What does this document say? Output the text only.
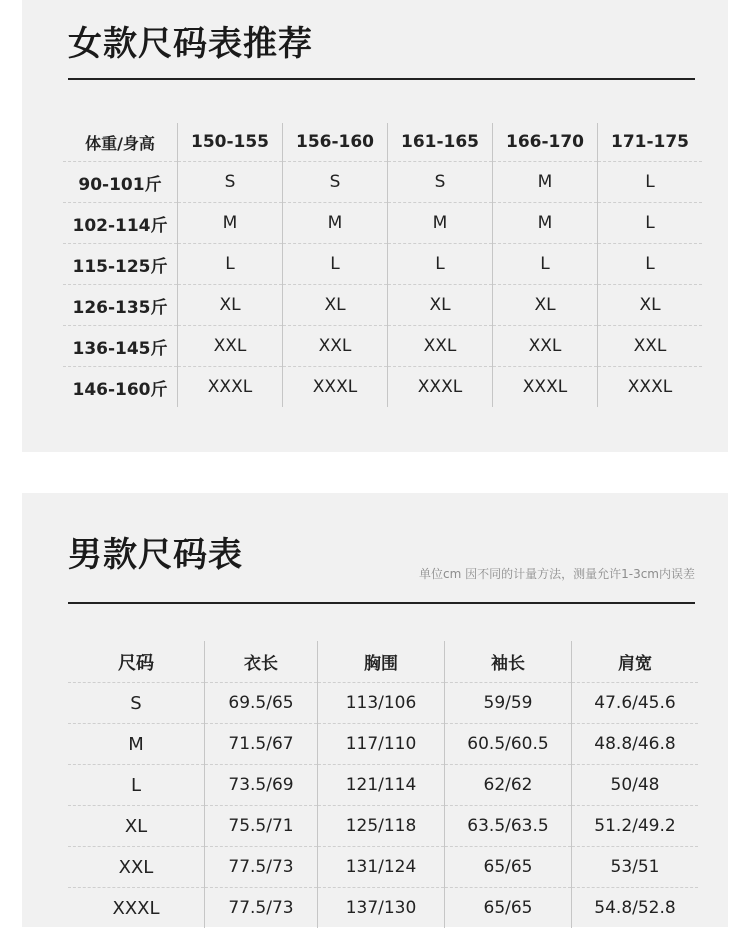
女款尺码表推荐
体重/身高	150-155	156-160	161-165	166-170	171-175
90-101斤	S	S	S	M	L
102-114斤	M	M	M	M	L
115-125斤	L	L	L	L	L
126-135斤	XL	XL	XL	XL	XL
136-145斤	XXL	XXL	XXL	XXL	XXL
146-160斤	XXXL	XXXL	XXXL	XXXL	XXXL
男款尺码表	单位cm 因不同的计量方法，测量允许1-3cm内误差
尺码	衣长	胸围	袖长	肩宽
S	69.5/65	113/106	59/59	47.6/45.6
M	71.5/67	117/110	60.5/60.5	48.8/46.8
L	73.5/69	121/114	62/62	50/48
XL	75.5/71	125/118	63.5/63.5	51.2/49.2
XXL	77.5/73	131/124	65/65	53/51
XXXL	77.5/73	137/130	65/65	54.8/52.8
